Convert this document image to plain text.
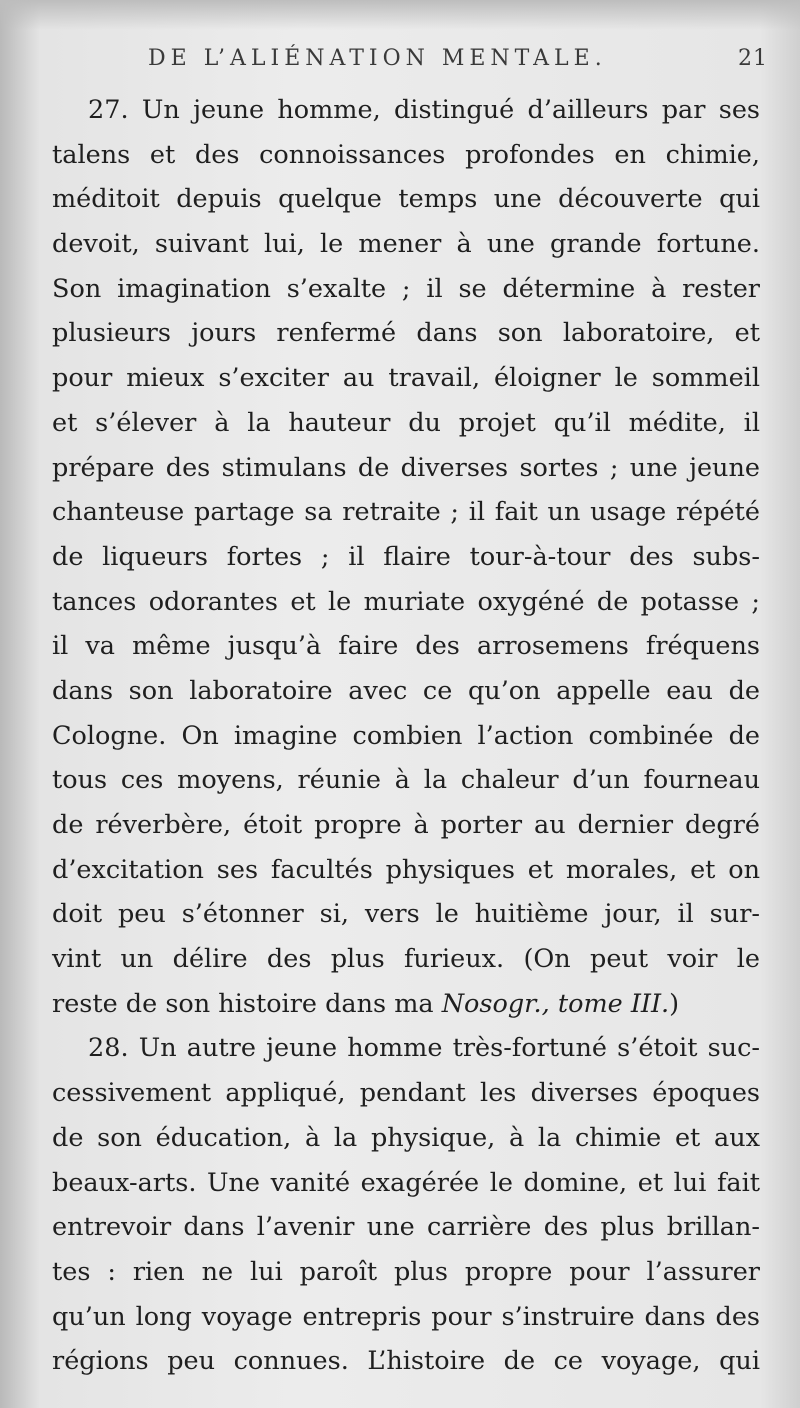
DE L’ALIÉNATION MENTALE.	21
27. Un jeune homme, distingué d’ailleurs par ses
talens et des connoissances profondes en chimie,
méditoit depuis quelque temps une découverte qui
devoit, suivant lui, le mener à une grande fortune.
Son imagination s’exalte ; il se détermine à rester
plusieurs jours renfermé dans son laboratoire, et
pour mieux s’exciter au travail, éloigner le sommeil
et s’élever à la hauteur du projet qu’il médite, il
prépare des stimulans de diverses sortes ; une jeune
chanteuse partage sa retraite ; il fait un usage répété
de liqueurs fortes ; il flaire tour-à-tour des subs-
tances odorantes et le muriate oxygéné de potasse ;
il va même jusqu’à faire des arrosemens fréquens
dans son laboratoire avec ce qu’on appelle eau de
Cologne. On imagine combien l’action combinée de
tous ces moyens, réunie à la chaleur d’un fourneau
de réverbère, étoit propre à porter au dernier degré
d’excitation ses facultés physiques et morales, et on
doit peu s’étonner si, vers le huitième jour, il sur-
vint un délire des plus furieux. (On peut voir le
reste de son histoire dans ma Nosogr., tome III.)
28. Un autre jeune homme très-fortuné s’étoit suc-
cessivement appliqué, pendant les diverses époques
de son éducation, à la physique, à la chimie et aux
beaux-arts. Une vanité exagérée le domine, et lui fait
entrevoir dans l’avenir une carrière des plus brillan-
tes : rien ne lui paroît plus propre pour l’assurer
qu’un long voyage entrepris pour s’instruire dans des
régions peu connues. L’histoire de ce voyage, qui
